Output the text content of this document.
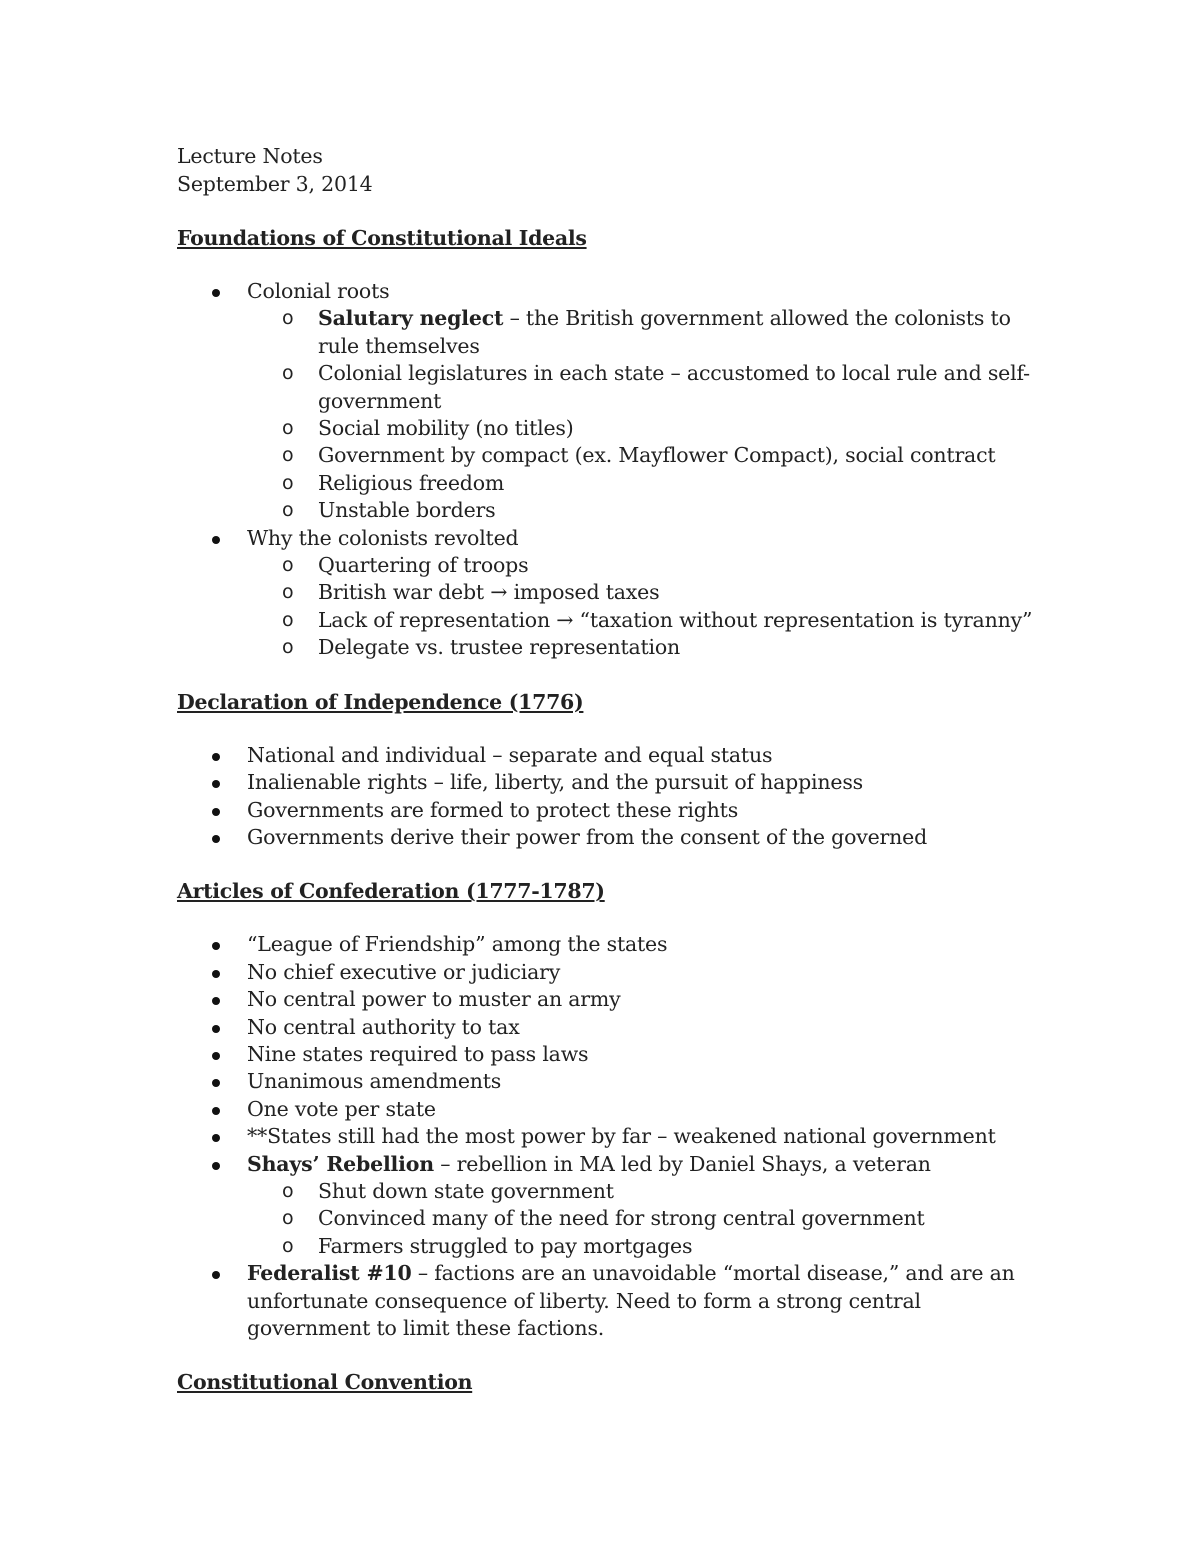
Lecture Notes

September 3, 2014

Foundations of Constitutional Ideals

Colonial roots
o Salutary neglect – the British government allowed the colonists to rule themselves
o Colonial legislatures in each state – accustomed to local rule and self-government
o Social mobility (no titles)
o Government by compact (ex. Mayflower Compact), social contract
o Religious freedom
o Unstable borders
Why the colonists revolted
o Quartering of troops
o British war debt → imposed taxes
o Lack of representation → “taxation without representation is tyranny”
o Delegate vs. trustee representation

Declaration of Independence (1776)

National and individual – separate and equal status
Inalienable rights – life, liberty, and the pursuit of happiness
Governments are formed to protect these rights
Governments derive their power from the consent of the governed

Articles of Confederation (1777-1787)

“League of Friendship” among the states
No chief executive or judiciary
No central power to muster an army
No central authority to tax
Nine states required to pass laws
Unanimous amendments
One vote per state
**States still had the most power by far – weakened national government
Shays’ Rebellion – rebellion in MA led by Daniel Shays, a veteran
o Shut down state government
o Convinced many of the need for strong central government
o Farmers struggled to pay mortgages
Federalist #10 – factions are an unavoidable “mortal disease,” and are an unfortunate consequence of liberty. Need to form a strong central government to limit these factions.

Constitutional Convention
